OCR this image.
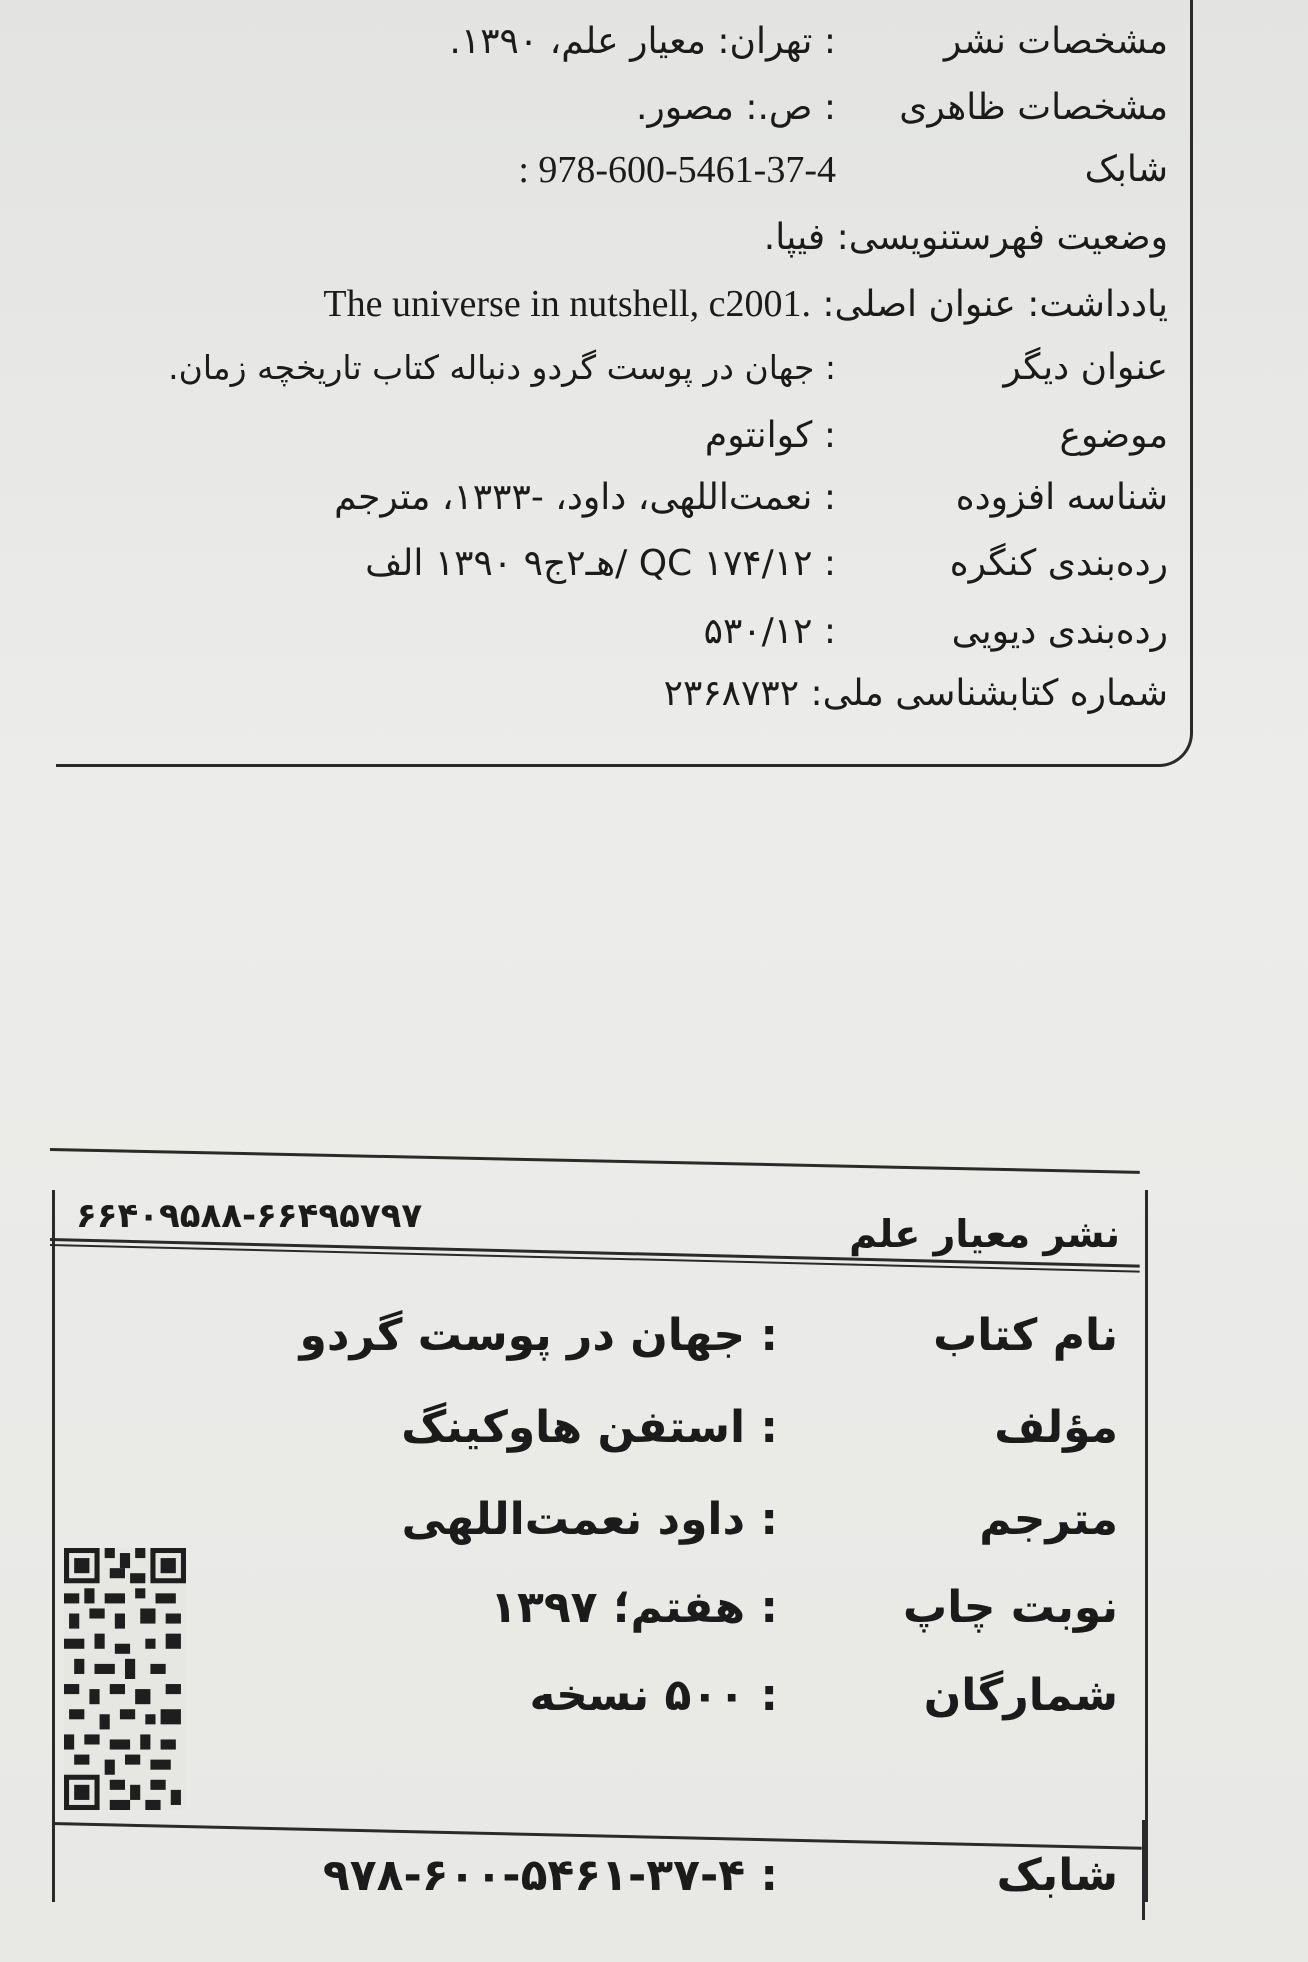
مشخصات نشر
: تهران: معیار علم، ۱۳۹۰.
مشخصات ظاهری
: ص.: مصور.
شابک
: 978-600-5461-37-4
وضعیت فهرستنویسی: فیپا.
یادداشت: عنوان اصلی: The universe in nutshell, c2001.
عنوان دیگر
: جهان در پوست گردو دنباله کتاب تاریخچه زمان.
موضوع
: کوانتوم
شناسه افزوده
: نعمت‌اللهی، داود، -۱۳۳۳، مترجم
رده‌بندی کنگره
: QC ۱۷۴/۱۲ /هـ۲ج۹ ۱۳۹۰ الف
رده‌بندی دیویی
: ۵۳۰/۱۲
شماره کتابشناسی ملی: ۲۳۶۸۷۳۲
۶۶۴۰۹۵۸۸-۶۶۴۹۵۷۹۷	نشر معیار علم
نام کتاب
: جهان در پوست گردو
مؤلف
: استفن هاوکینگ
مترجم
: داود نعمت‌اللهی
نوبت چاپ
: هفتم؛ ۱۳۹۷
شمارگان
: ۵۰۰ نسخه
شابک
: ۹۷۸-۶۰۰-۵۴۶۱-۳۷-۴
